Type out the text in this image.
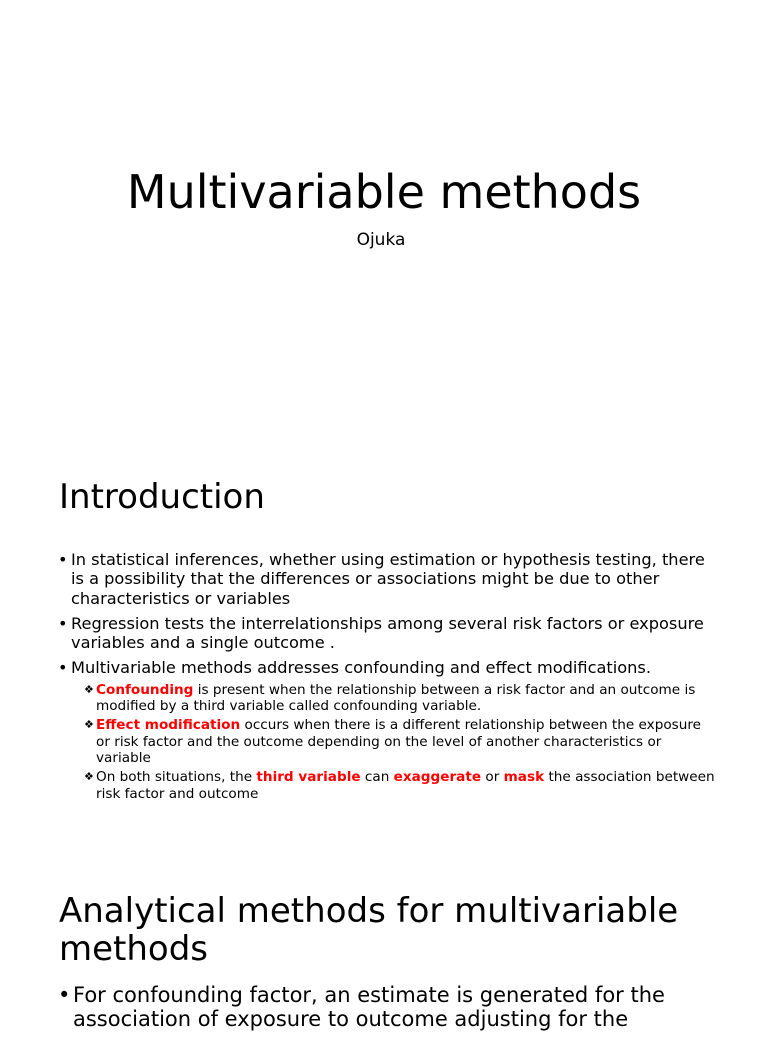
Multivariable methods
Ojuka
Introduction
• In statistical inferences, whether using estimation or hypothesis testing, there is a possibility that the differences or associations might be due to other characteristics or variables
• Regression tests the interrelationships among several risk factors or exposure variables and a single outcome .
• Multivariable methods addresses confounding and effect modifications.
❖ Confounding is present when the relationship between a risk factor and an outcome is modified by a third variable called confounding variable.
❖ Effect modification occurs when there is a different relationship between the exposure or risk factor and the outcome depending on the level of another characteristics or variable
❖ On both situations, the third variable can exaggerate or mask the association between risk factor and outcome
Analytical methods for multivariable methods
• For confounding factor, an estimate is generated for the association of exposure to outcome adjusting for the
